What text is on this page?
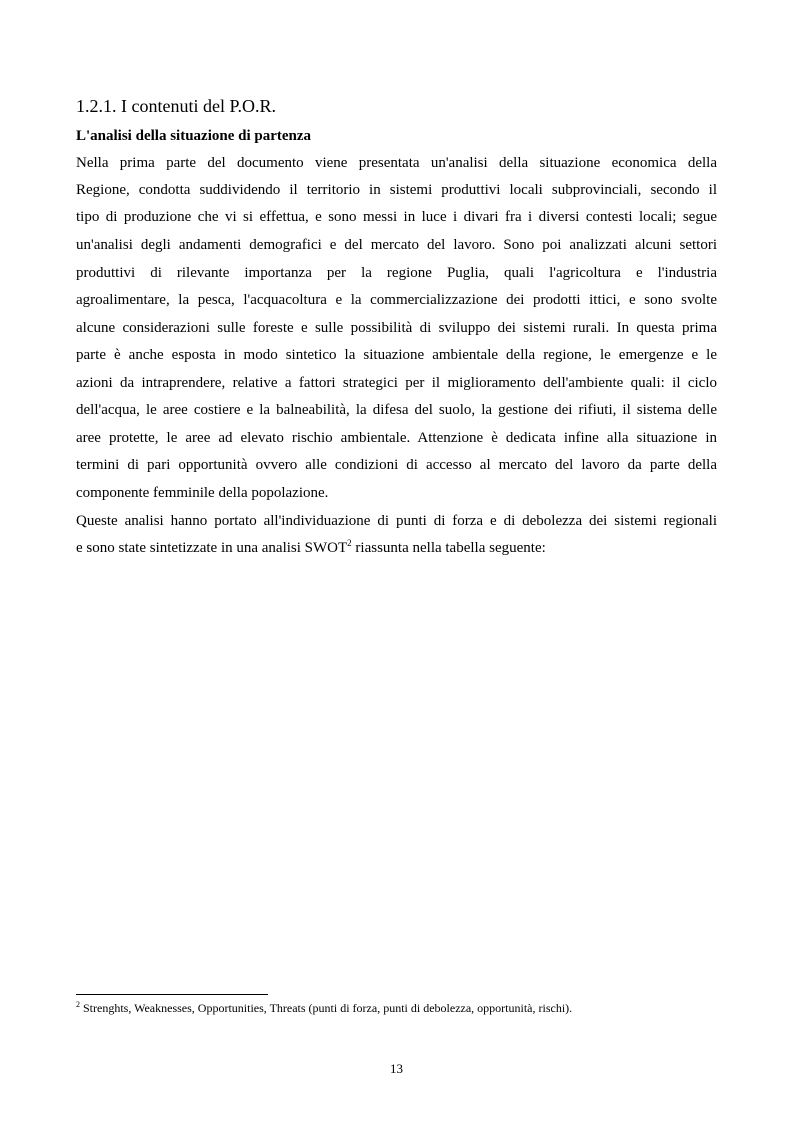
1.2.1. I contenuti del P.O.R.
L'analisi della situazione di partenza

Nella prima parte del documento viene presentata un'analisi della situazione economica della

Regione, condotta suddividendo il territorio in sistemi produttivi locali subprovinciali, secondo il

tipo di produzione che vi si effettua, e sono messi in luce i divari fra i diversi contesti locali; segue

un'analisi degli andamenti demografici e del mercato del lavoro. Sono poi analizzati alcuni settori

produttivi di rilevante importanza per la regione Puglia, quali l'agricoltura e l'industria

agroalimentare, la pesca, l'acquacoltura e la commercializzazione dei prodotti ittici, e sono svolte

alcune considerazioni sulle foreste e sulle possibilità di sviluppo dei sistemi rurali. In questa prima

parte è anche esposta in modo sintetico la situazione ambientale della regione, le emergenze e le

azioni da intraprendere, relative a fattori strategici per il miglioramento dell'ambiente quali: il ciclo

dell'acqua, le aree costiere e la balneabilità, la difesa del suolo, la gestione dei rifiuti, il sistema delle

aree protette, le aree ad elevato rischio ambientale. Attenzione è dedicata infine alla situazione in

termini di pari opportunità ovvero alle condizioni di accesso al mercato del lavoro da parte della

componente femminile della popolazione.

Queste analisi hanno portato all'individuazione di punti di forza e di debolezza dei sistemi regionali

e sono state sintetizzate in una analisi SWOT$^2$ riassunta nella tabella seguente:

$^2$ Strenghts, Weaknesses, Opportunities, Threats (punti di forza, punti di debolezza, opportunità, rischi).

13
